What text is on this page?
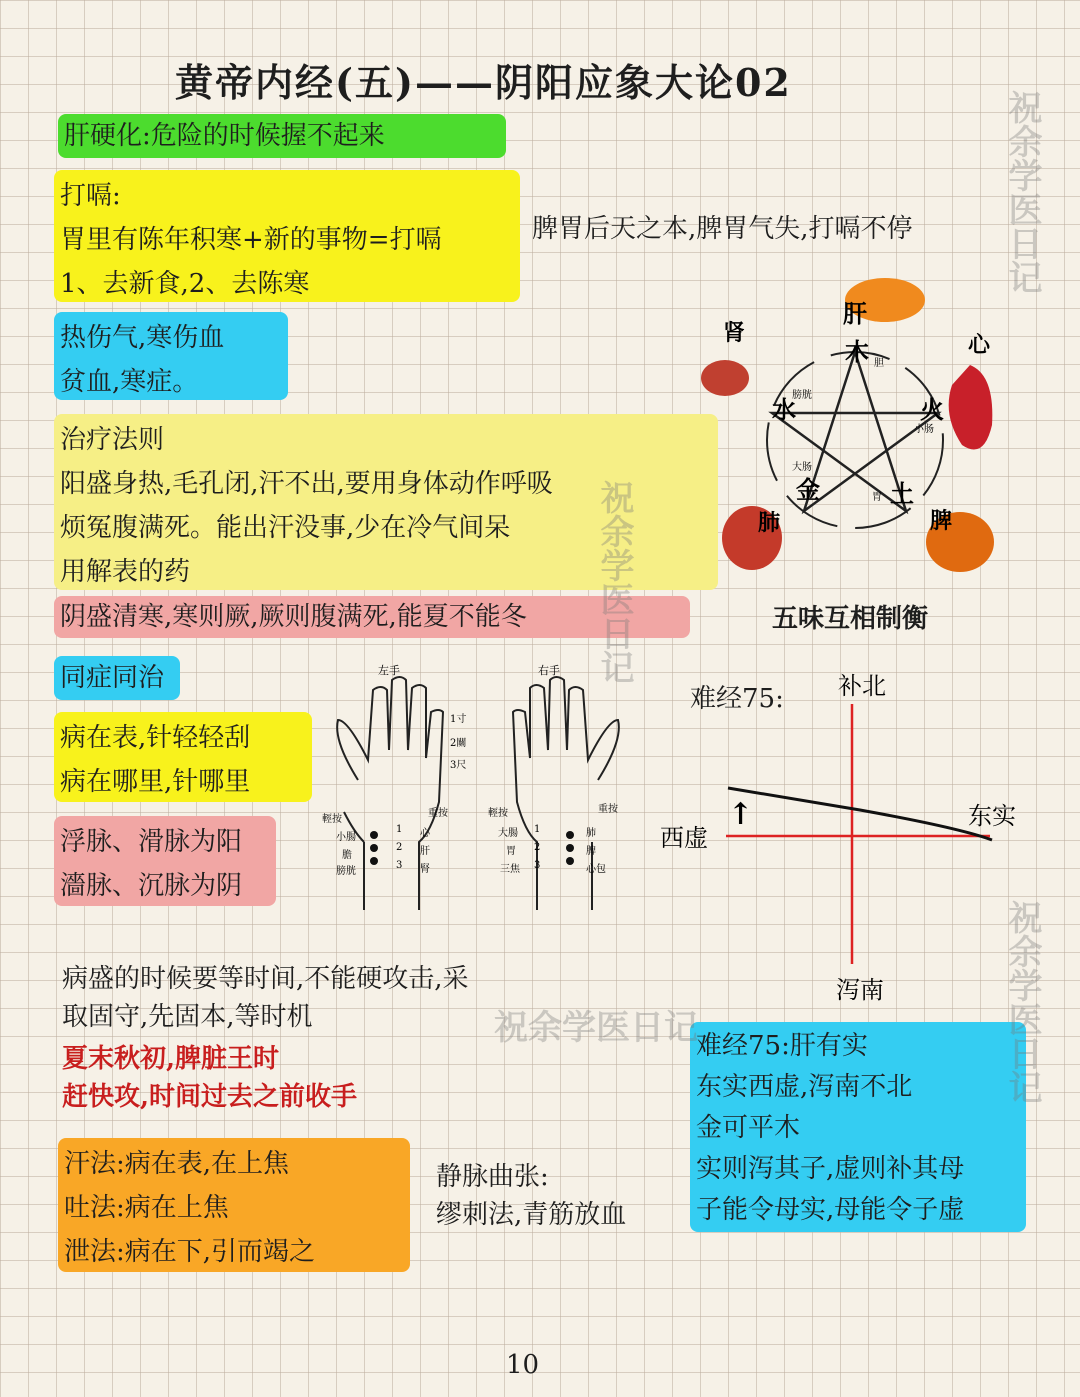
黄帝内经(五)——阴阳应象大论02
肝硬化:危险的时候握不起来
打嗝:
胃里有陈年积寒+新的事物=打嗝
1、去新食,2、去陈寒
脾胃后天之本,脾胃气失,打嗝不停
热伤气,寒伤血
贫血,寒症。
治疗法则
阳盛身热,毛孔闭,汗不出,要用身体动作呼吸
烦冤腹满死。能出汗没事,少在冷气间呆
用解表的药
阴盛清寒,寒则厥,厥则腹满死,能夏不能冬
肝
心
脾
肺
肾
木
火
土
金
水
胆
小肠
胃
大肠
膀胱
五味互相制衡
同症同治
病在表,针轻轻刮
病在哪里,针哪里
浮脉、滑脉为阳
濇脉、沉脉为阴
左手	右手
1寸
2關
3尺
輕按
小腸
膽
膀胱
重按
心
肝
腎
1
2
3
輕按
大腸
胃
三焦
重按
肺
脾
心包
1
2
3
难经75: 补北
泻南
西虚
东实
↑
病盛的时候要等时间,不能硬攻击,采
取固守,先固本,等时机
夏末秋初,脾脏王时
赶快攻,时间过去之前收手
汗法:病在表,在上焦
吐法:病在上焦
泄法:病在下,引而竭之
静脉曲张:
缪刺法,青筋放血
难经75:肝有实
东实西虚,泻南不北
金可平木
实则泻其子,虚则补其母
子能令母实,母能令子虚
10
祝余学医日记
祝余学医日记
祝余学医日记
祝余学医日记
